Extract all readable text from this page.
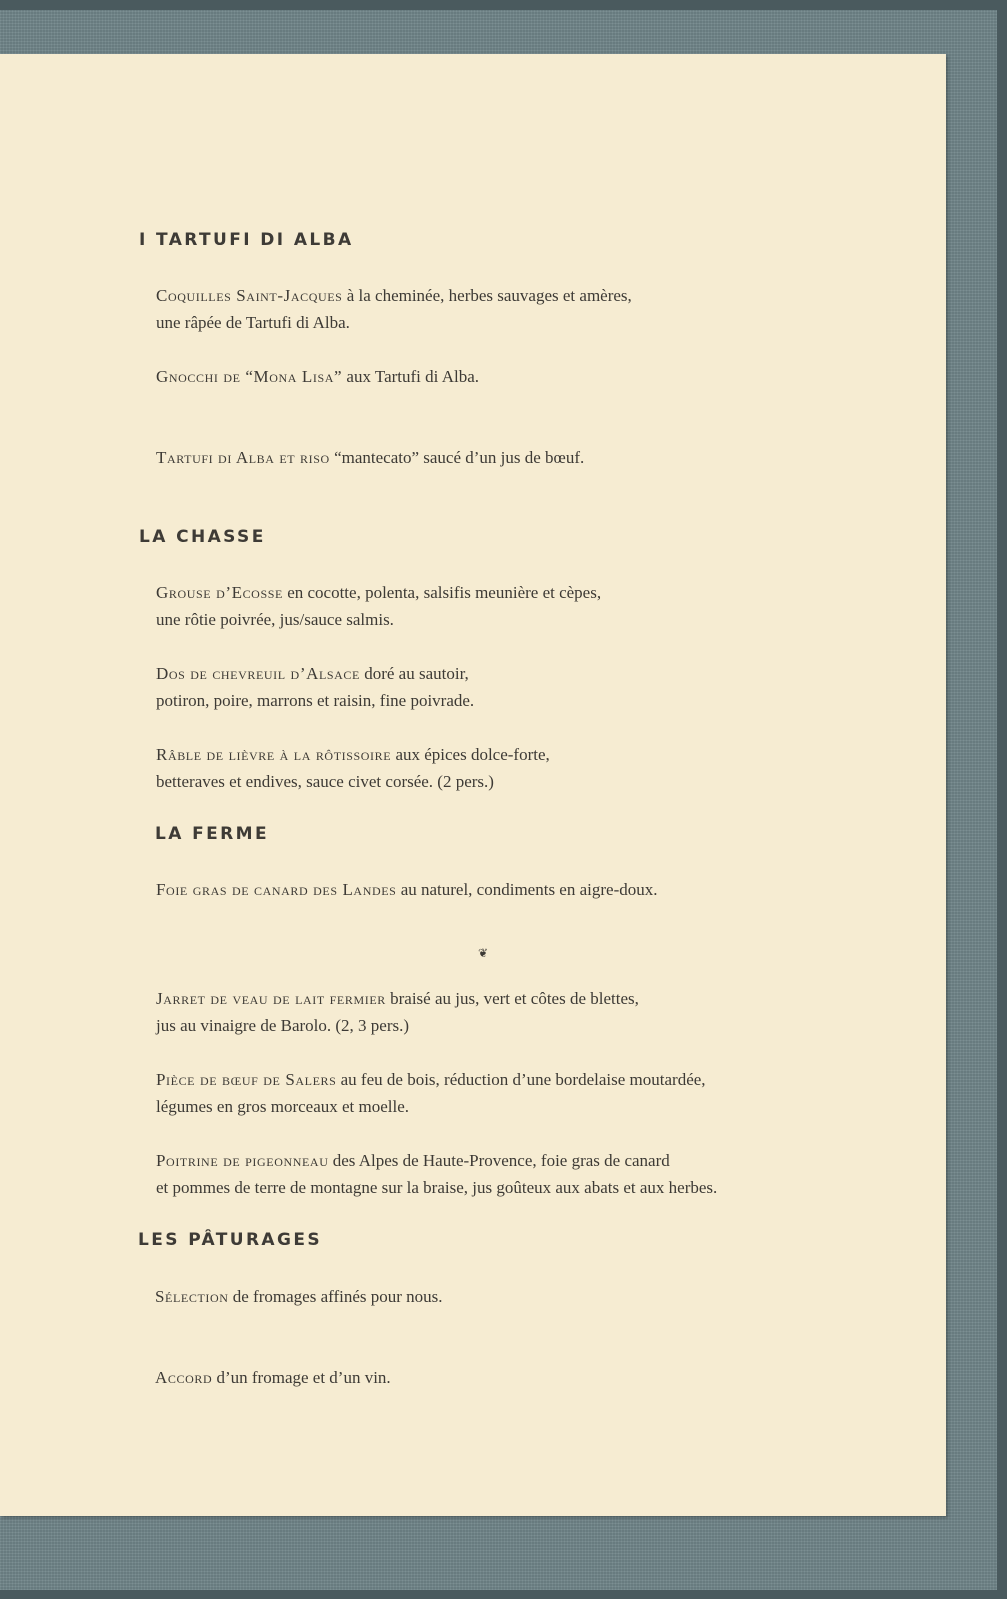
I TARTUFI DI ALBA

Coquilles Saint-Jacques à la cheminée, herbes sauvages et amères,
une râpée de Tartufi di Alba.

Gnocchi de “Mona Lisa” aux Tartufi di Alba.

Tartufi di Alba et riso “mantecato” saucé d’un jus de bœuf.

LA CHASSE

Grouse d’Ecosse en cocotte, polenta, salsifis meunière et cèpes,
une rôtie poivrée, jus/sauce salmis.

Dos de chevreuil d’Alsace doré au sautoir,
potiron, poire, marrons et raisin, fine poivrade.

Râble de lièvre à la rôtissoire aux épices dolce-forte,
betteraves et endives, sauce civet corsée. (2 pers.)

LA FERME

Foie gras de canard des Landes au naturel, condiments en aigre-doux.

❦

Jarret de veau de lait fermier braisé au jus, vert et côtes de blettes,
jus au vinaigre de Barolo. (2, 3 pers.)

Pièce de bœuf de Salers au feu de bois, réduction d’une bordelaise moutardée,
légumes en gros morceaux et moelle.

Poitrine de pigeonneau des Alpes de Haute-Provence, foie gras de canard
et pommes de terre de montagne sur la braise, jus goûteux aux abats et aux herbes.

LES PÂTURAGES

Sélection de fromages affinés pour nous.

Accord d’un fromage et d’un vin.
